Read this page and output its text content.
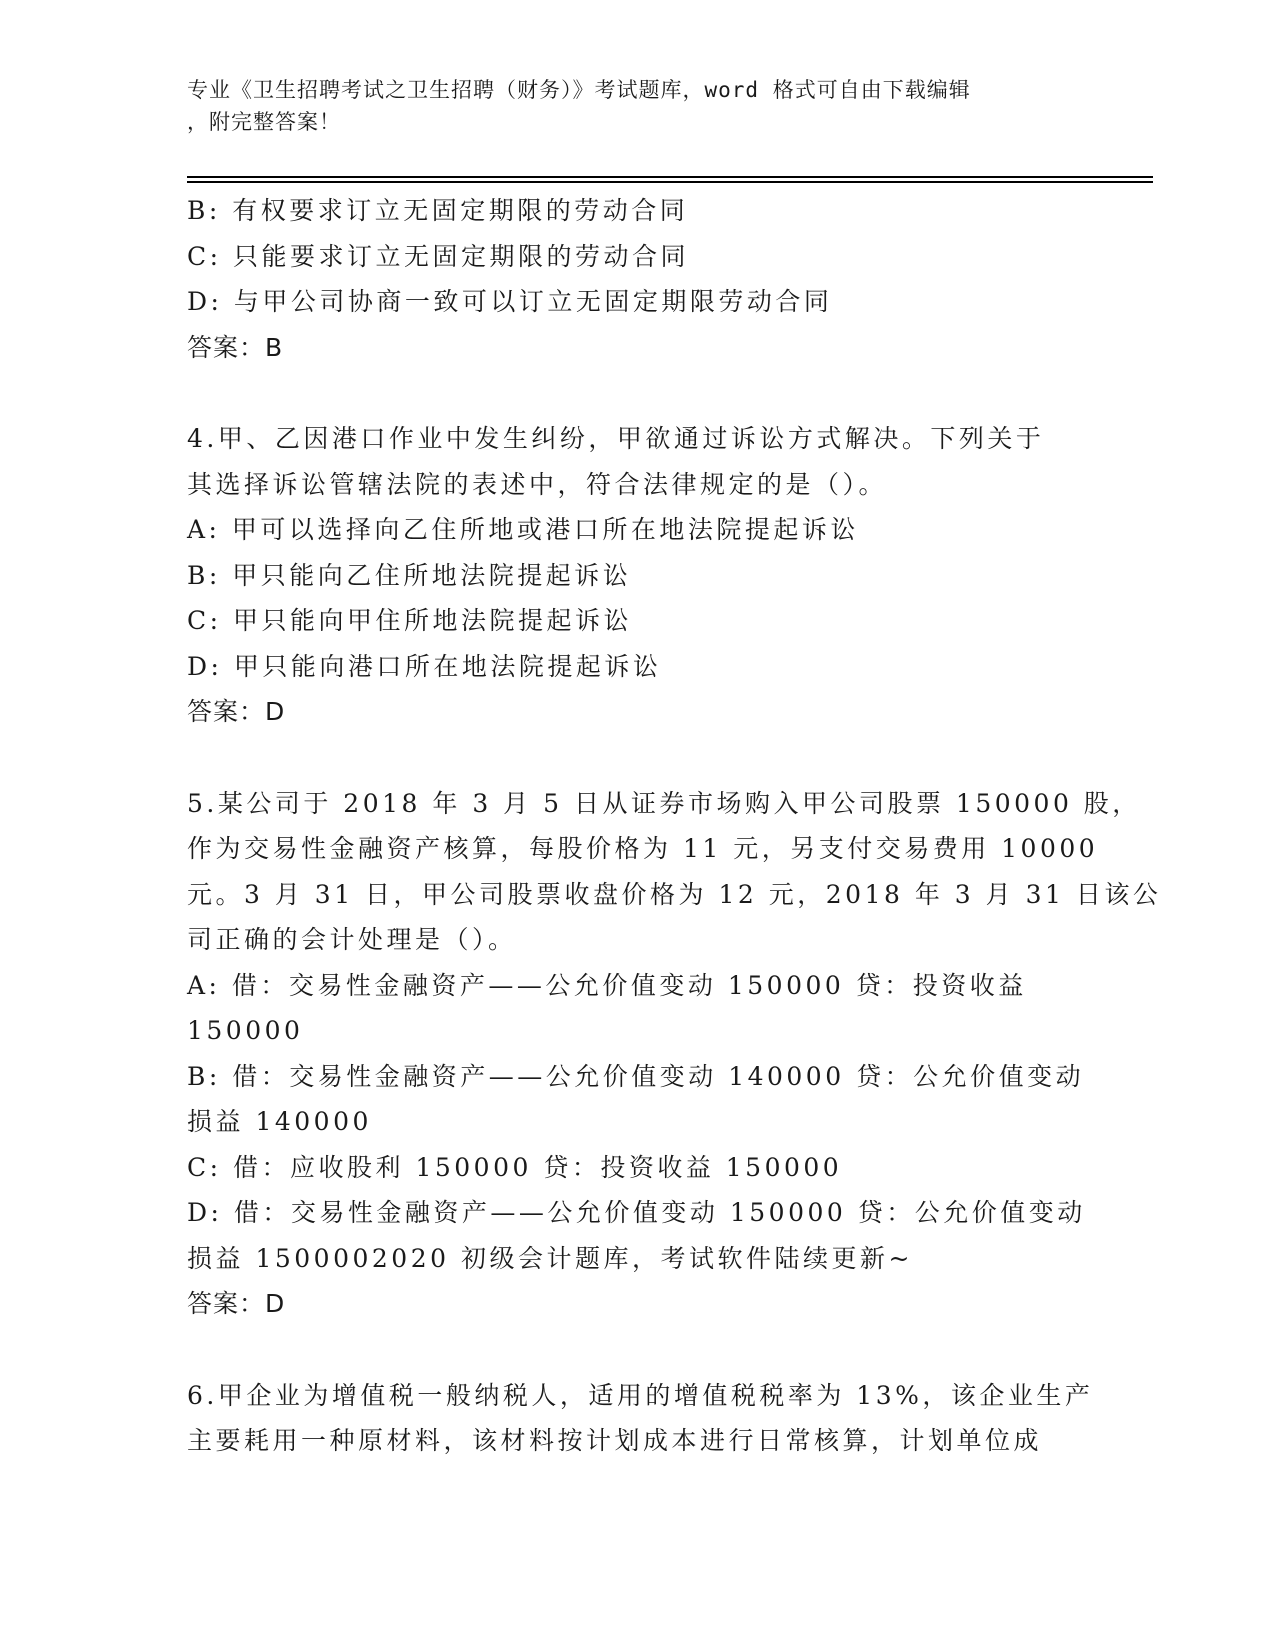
专业《卫生招聘考试之卫生招聘（财务）》考试题库，word 格式可自由下载编辑
，附完整答案！
B: 有权要求订立无固定期限的劳动合同
C: 只能要求订立无固定期限的劳动合同
D: 与甲公司协商一致可以订立无固定期限劳动合同
答案：B
4.甲、乙因港口作业中发生纠纷，甲欲通过诉讼方式解决。下列关于
其选择诉讼管辖法院的表述中，符合法律规定的是（）。
A: 甲可以选择向乙住所地或港口所在地法院提起诉讼
B: 甲只能向乙住所地法院提起诉讼
C: 甲只能向甲住所地法院提起诉讼
D: 甲只能向港口所在地法院提起诉讼
答案：D
5.某公司于 2018 年 3 月 5 日从证券市场购入甲公司股票 150000 股，
作为交易性金融资产核算，每股价格为 11 元，另支付交易费用 10000
元。3 月 31 日，甲公司股票收盘价格为 12 元，2018 年 3 月 31 日该公
司正确的会计处理是（）。
A: 借：交易性金融资产——公允价值变动 150000 贷：投资收益
150000
B: 借：交易性金融资产——公允价值变动 140000 贷：公允价值变动
损益 140000
C: 借：应收股利 150000 贷：投资收益 150000
D: 借：交易性金融资产——公允价值变动 150000 贷：公允价值变动
损益 1500002020 初级会计题库，考试软件陆续更新~
答案：D
6.甲企业为增值税一般纳税人，适用的增值税税率为 13%，该企业生产
主要耗用一种原材料，该材料按计划成本进行日常核算，计划单位成
